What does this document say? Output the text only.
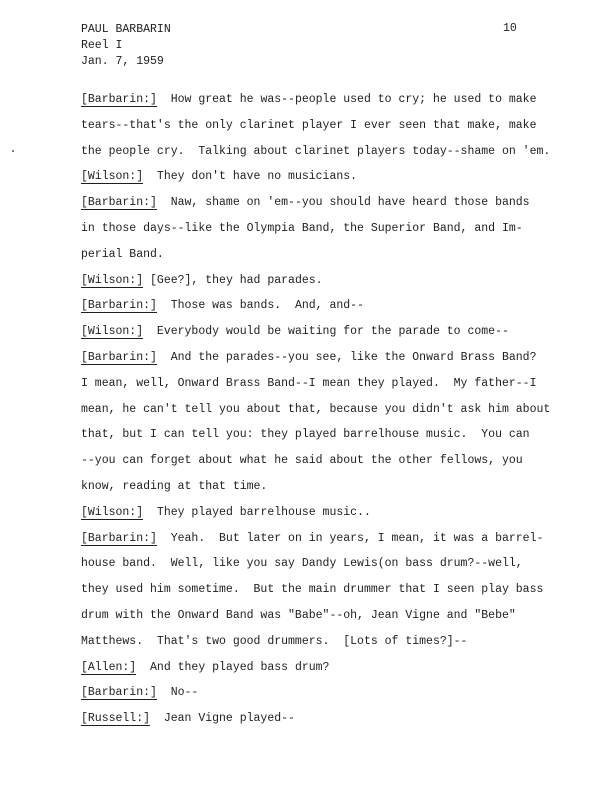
PAUL BARBARIN
Reel I
Jan. 7, 1959
10
[Barbarin:]  How great he was--people used to cry; he used to make
tears--that's the only clarinet player I ever seen that make, make
the people cry.  Talking about clarinet players today--shame on 'em.
[Wilson:]  They don't have no musicians.
[Barbarin:]  Naw, shame on 'em--you should have heard those bands
in those days--like the Olympia Band, the Superior Band, and Im-
perial Band.
[Wilson:] [Gee?], they had parades.
[Barbarin:]  Those was bands.  And, and--
[Wilson:]  Everybody would be waiting for the parade to come--
[Barbarin:]  And the parades--you see, like the Onward Brass Band?
I mean, well, Onward Brass Band--I mean they played.  My father--I
mean, he can't tell you about that, because you didn't ask him about
that, but I can tell you: they played barrelhouse music.  You can
--you can forget about what he said about the other fellows, you
know, reading at that time.
[Wilson:]  They played barrelhouse music..
[Barbarin:]  Yeah.  But later on in years, I mean, it was a barrel-
house band.  Well, like you say Dandy Lewis(on bass drum?--well,
they used him sometime.  But the main drummer that I seen play bass
drum with the Onward Band was "Babe"--oh, Jean Vigne and "Bebe"
Matthews.  That's two good drummers.  [Lots of times?]--
[Allen:]  And they played bass drum?
[Barbarin:]  No--
[Russell:]  Jean Vigne played--
